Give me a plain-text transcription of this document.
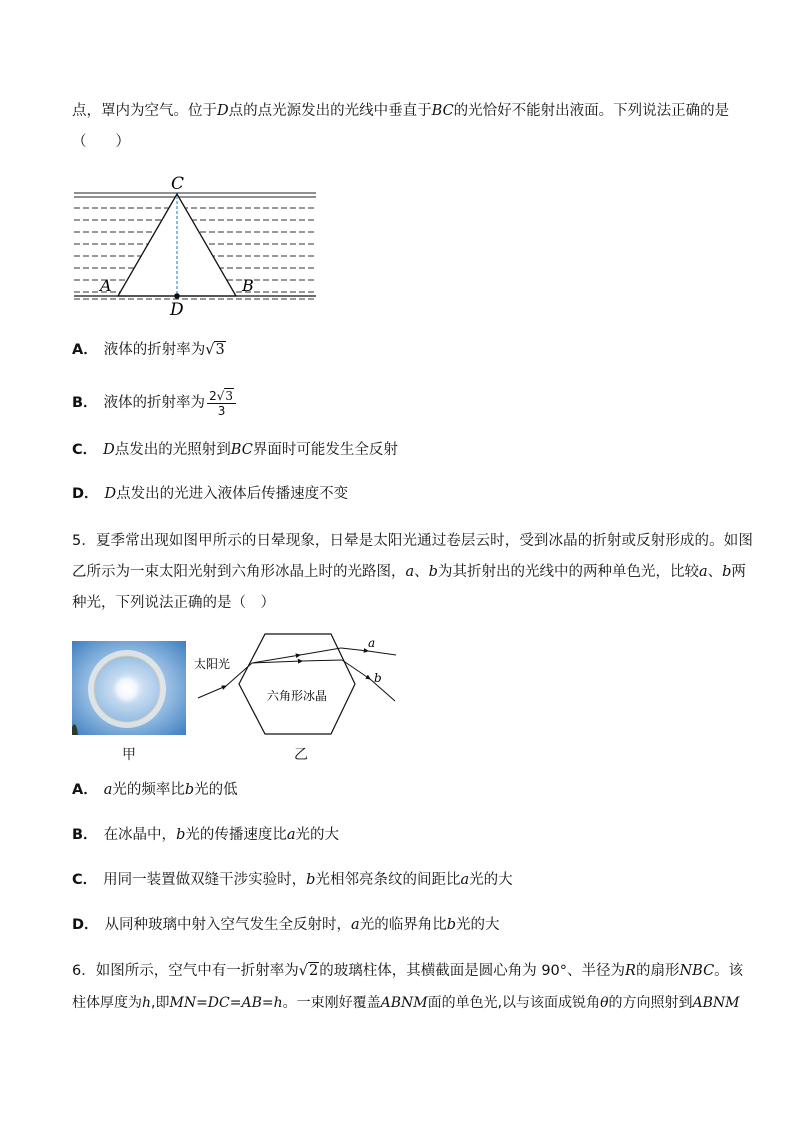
点，罩内为空气。位于D点的点光源发出的光线中垂直于BC的光恰好不能射出液面。下列说法正确的是
（　　）
C
A	B
D
A． 液体的折射率为√3
B． 液体的折射率为 $\frac{2√3}{3}$
C． D点发出的光照射到BC界面时可能发生全反射
D． D点发出的光进入液体后传播速度不变
5．夏季常出现如图甲所示的日晕现象，日晕是太阳光通过卷层云时，受到冰晶的折射或反射形成的。如图
乙所示为一束太阳光射到六角形冰晶上时的光路图，a、b为其折射出的光线中的两种单色光，比较a、b两
种光，下列说法正确的是（　）
甲
太阳光
六角形冰晶
a
b
乙
A． a光的频率比b光的低
B． 在冰晶中，b光的传播速度比a光的大
C． 用同一装置做双缝干涉实验时，b光相邻亮条纹的间距比a光的大
D． 从同种玻璃中射入空气发生全反射时，a光的临界角比b光的大
6．如图所示，空气中有一折射率为√2的玻璃柱体，其横截面是圆心角为 90°、半径为R的扇形NBC。该
柱体厚度为h,即MN=DC=AB=h。一束刚好覆盖ABNM面的单色光,以与该面成锐角θ的方向照射到ABNM
